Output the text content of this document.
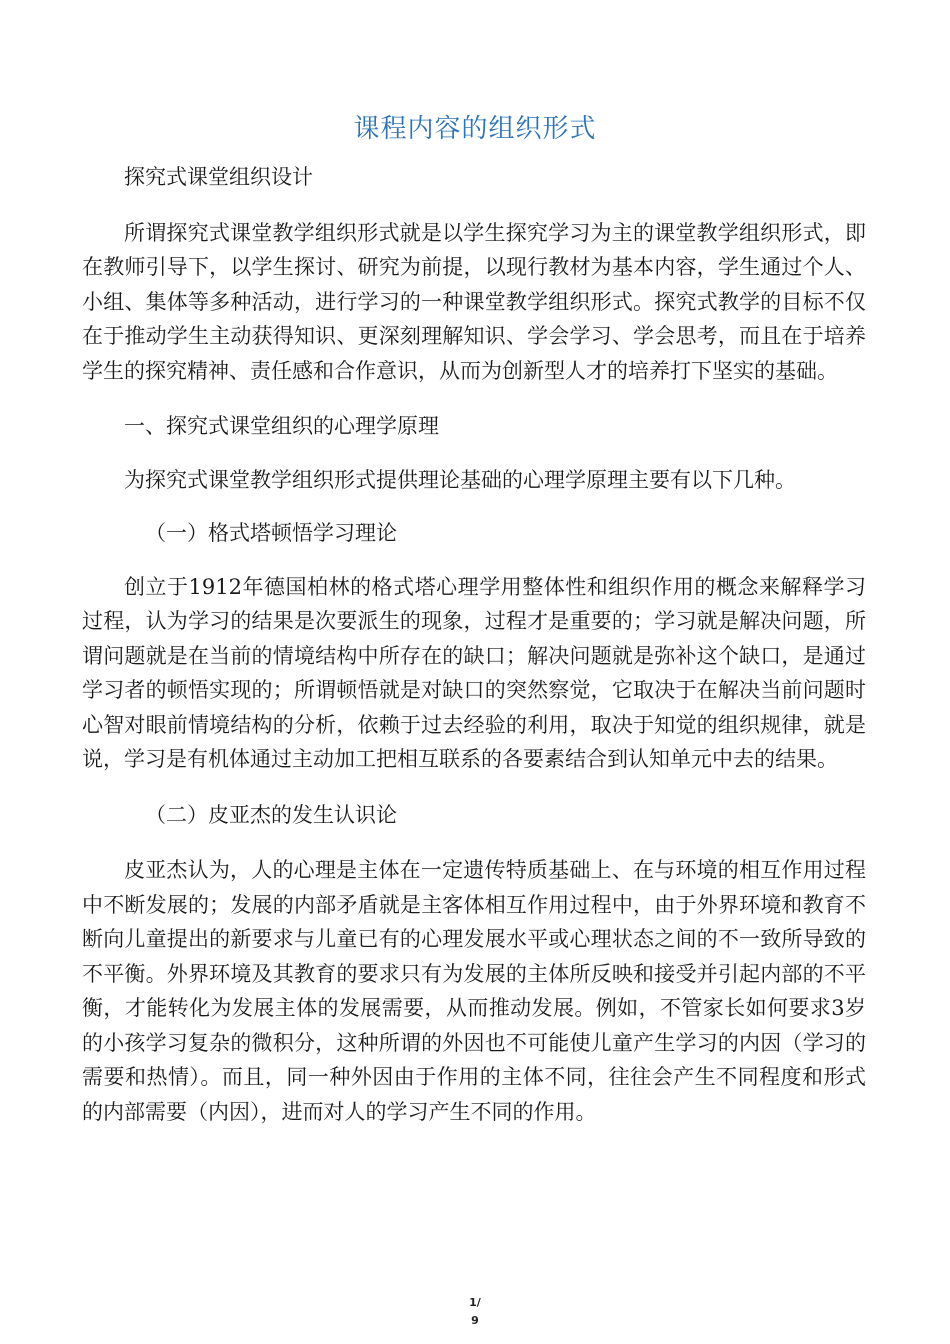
课程内容的组织形式

探究式课堂组织设计

所谓探究式课堂教学组织形式就是以学生探究学习为主的课堂教学组织形式，即在教师引导下，以学生探讨、研究为前提，以现行教材为基本内容，学生通过个人、小组、集体等多种活动，进行学习的一种课堂教学组织形式。探究式教学的目标不仅在于推动学生主动获得知识、更深刻理解知识、学会学习、学会思考，而且在于培养学生的探究精神、责任感和合作意识，从而为创新型人才的培养打下坚实的基础。

一、探究式课堂组织的心理学原理

为探究式课堂教学组织形式提供理论基础的心理学原理主要有以下几种。

（一）格式塔顿悟学习理论

创立于1912年德国柏林的格式塔心理学用整体性和组织作用的概念来解释学习过程，认为学习的结果是次要派生的现象，过程才是重要的；学习就是解决问题，所谓问题就是在当前的情境结构中所存在的缺口；解决问题就是弥补这个缺口，是通过学习者的顿悟实现的；所谓顿悟就是对缺口的突然察觉，它取决于在解决当前问题时心智对眼前情境结构的分析，依赖于过去经验的利用，取决于知觉的组织规律，就是说，学习是有机体通过主动加工把相互联系的各要素结合到认知单元中去的结果。

（二）皮亚杰的发生认识论

皮亚杰认为，人的心理是主体在一定遗传特质基础上、在与环境的相互作用过程中不断发展的；发展的内部矛盾就是主客体相互作用过程中，由于外界环境和教育不断向儿童提出的新要求与儿童已有的心理发展水平或心理状态之间的不一致所导致的不平衡。外界环境及其教育的要求只有为发展的主体所反映和接受并引起内部的不平衡，才能转化为发展主体的发展需要，从而推动发展。例如，不管家长如何要求3岁的小孩学习复杂的微积分，这种所谓的外因也不可能使儿童产生学习的内因（学习的需要和热情）。而且，同一种外因由于作用的主体不同，往往会产生不同程度和形式的内部需要（内因），进而对人的学习产生不同的作用。

1/
9
